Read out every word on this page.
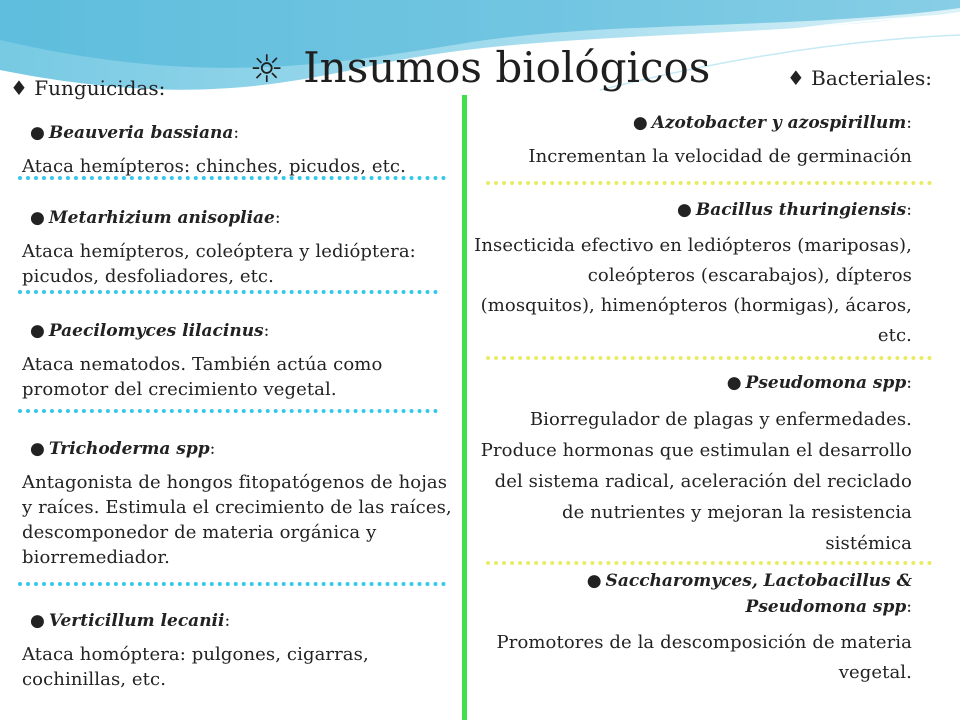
☼ Insumos biológicos
♦ Funguicidas:
● Beauveria bassiana:
Ataca hemípteros: chinches, picudos, etc.
● Metarhizium anisopliae:
Ataca hemípteros, coleóptera y ledióptera: picudos, desfoliadores, etc.
● Paecilomyces lilacinus:
Ataca nematodos. También actúa como promotor del crecimiento vegetal.
● Trichoderma spp:
Antagonista de hongos fitopatógenos de hojas y raíces. Estimula el crecimiento de las raíces, descomponedor de materia orgánica y biorremediador.
● Verticillum lecanii:
Ataca homóptera: pulgones, cigarras, cochinillas, etc.
♦ Bacteriales:
● Azotobacter y azospirillum:
Incrementan la velocidad de germinación
● Bacillus thuringiensis:
Insecticida efectivo en lediópteros (mariposas), coleópteros (escarabajos), dípteros (mosquitos), himenópteros (hormigas), ácaros, etc.
● Pseudomona spp:
Biorregulador de plagas y enfermedades. Produce hormonas que estimulan el desarrollo del sistema radical, aceleración del reciclado de nutrientes y mejoran la resistencia sistémica
● Saccharomyces, Lactobacillus & Pseudomona spp:
Promotores de la descomposición de materia vegetal.
